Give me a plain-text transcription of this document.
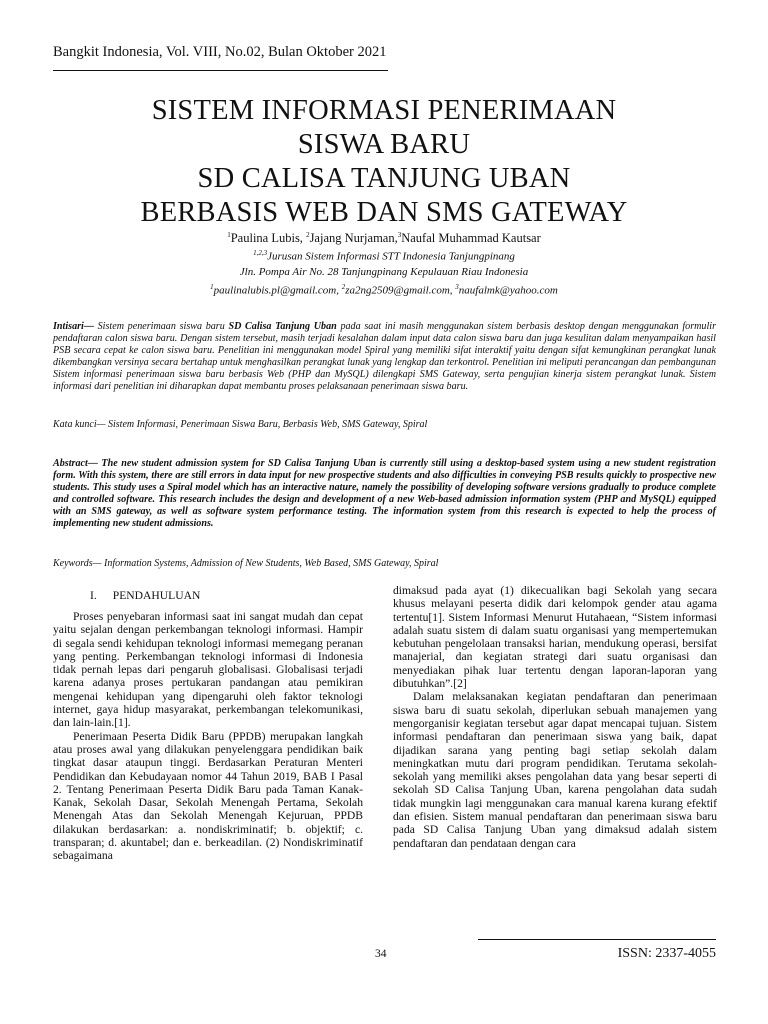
Bangkit Indonesia, Vol. VIII, No.02, Bulan Oktober 2021
SISTEM INFORMASI PENERIMAAN
SISWA BARU
SD CALISA TANJUNG UBAN
BERBASIS WEB DAN SMS GATEWAY
$^1$Paulina Lubis, $^2$Jajang Nurjaman,$^3$Naufal Muhammad Kautsar
$^{1,2,3}$Jurusan Sistem Informasi STT Indonesia Tanjungpinang
Jln. Pompa Air No. 28 Tanjungpinang Kepulauan Riau Indonesia
$^1$paulinalubis.pl@gmail.com, $^2$za2ng2509@gmail.com, $^3$naufalmk@yahoo.com
Intisari— Sistem penerimaan siswa baru SD Calisa Tanjung Uban pada saat ini masih menggunakan sistem berbasis desktop dengan menggunakan formulir pendaftaran calon siswa baru. Dengan sistem tersebut, masih terjadi kesalahan dalam input data calon siswa baru dan juga kesulitan dalam menyampaikan hasil PSB secara cepat ke calon siswa baru. Penelitian ini menggunakan model Spiral yang memiliki sifat interaktif yaitu dengan sifat kemungkinan perangkat lunak dikembangkan versinya secara bertahap untuk menghasilkan perangkat lunak yang lengkap dan terkontrol. Penelitian ini meliputi perancangan dan pembangunan Sistem informasi penerimaan siswa baru berbasis Web (PHP dan MySQL) dilengkapi SMS Gateway, serta pengujian kinerja sistem perangkat lunak. Sistem informasi dari penelitian ini diharapkan dapat membantu proses pelaksanaan penerimaan siswa baru.
Kata kunci— Sistem Informasi, Penerimaan Siswa Baru, Berbasis Web, SMS Gateway, Spiral
Abstract— The new student admission system for SD Calisa Tanjung Uban is currently still using a desktop-based system using a new student registration form. With this system, there are still errors in data input for new prospective students and also difficulties in conveying PSB results quickly to prospective new students. This study uses a Spiral model which has an interactive nature, namely the possibility of developing software versions gradually to produce complete and controlled software. This research includes the design and development of a new Web-based admission information system (PHP and MySQL) equipped with an SMS gateway, as well as software system performance testing. The information system from this research is expected to help the process of implementing new student admissions.
Keywords— Information Systems, Admission of New Students, Web Based, SMS Gateway, Spiral
I. PENDAHULUAN

Proses penyebaran informasi saat ini sangat mudah dan cepat yaitu sejalan dengan perkembangan teknologi informasi. Hampir di segala sendi kehidupan teknologi informasi memegang peranan yang penting. Perkembangan teknologi informasi di Indonesia tidak pernah lepas dari pengaruh globalisasi. Globalisasi terjadi karena adanya proses pertukaran pandangan atau pemikiran mengenai kehidupan yang dipengaruhi oleh faktor teknologi internet, gaya hidup masyarakat, perkembangan telekomunikasi, dan lain-lain.[1].

Penerimaan Peserta Didik Baru (PPDB) merupakan langkah atau proses awal yang dilakukan penyelenggara pendidikan baik tingkat dasar ataupun tinggi. Berdasarkan Peraturan Menteri Pendidikan dan Kebudayaan nomor 44 Tahun 2019, BAB I Pasal 2. Tentang Penerimaan Peserta Didik Baru pada Taman Kanak-Kanak, Sekolah Dasar, Sekolah Menengah Pertama, Sekolah Menengah Atas dan Sekolah Menengah Kejuruan, PPDB dilakukan berdasarkan: a. nondiskriminatif; b. objektif; c. transparan; d. akuntabel; dan e. berkeadilan. (2) Nondiskriminatif sebagaimana

dimaksud pada ayat (1) dikecualikan bagi Sekolah yang secara khusus melayani peserta didik dari kelompok gender atau agama tertentu[1]. Sistem Informasi Menurut Hutahaean, “Sistem informasi adalah suatu sistem di dalam suatu organisasi yang mempertemukan kebutuhan pengelolaan transaksi harian, mendukung operasi, bersifat manajerial, dan kegiatan strategi dari suatu organisasi dan menyediakan pihak luar tertentu dengan laporan-laporan yang dibutuhkan”.[2]

Dalam melaksanakan kegiatan pendaftaran dan penerimaan siswa baru di suatu sekolah, diperlukan sebuah manajemen yang mengorganisir kegiatan tersebut agar dapat mencapai tujuan. Sistem informasi pendaftaran dan penerimaan siswa yang baik, dapat dijadikan sarana yang penting bagi setiap sekolah dalam meningkatkan mutu dari program pendidikan. Terutama sekolah-sekolah yang memiliki akses pengolahan data yang besar seperti di sekolah SD Calisa Tanjung Uban, karena pengolahan data sudah tidak mungkin lagi menggunakan cara manual karena kurang efektif dan efisien. Sistem manual pendaftaran dan penerimaan siswa baru pada SD Calisa Tanjung Uban yang dimaksud adalah sistem pendaftaran dan pendataan dengan cara

34	ISSN: 2337-4055
